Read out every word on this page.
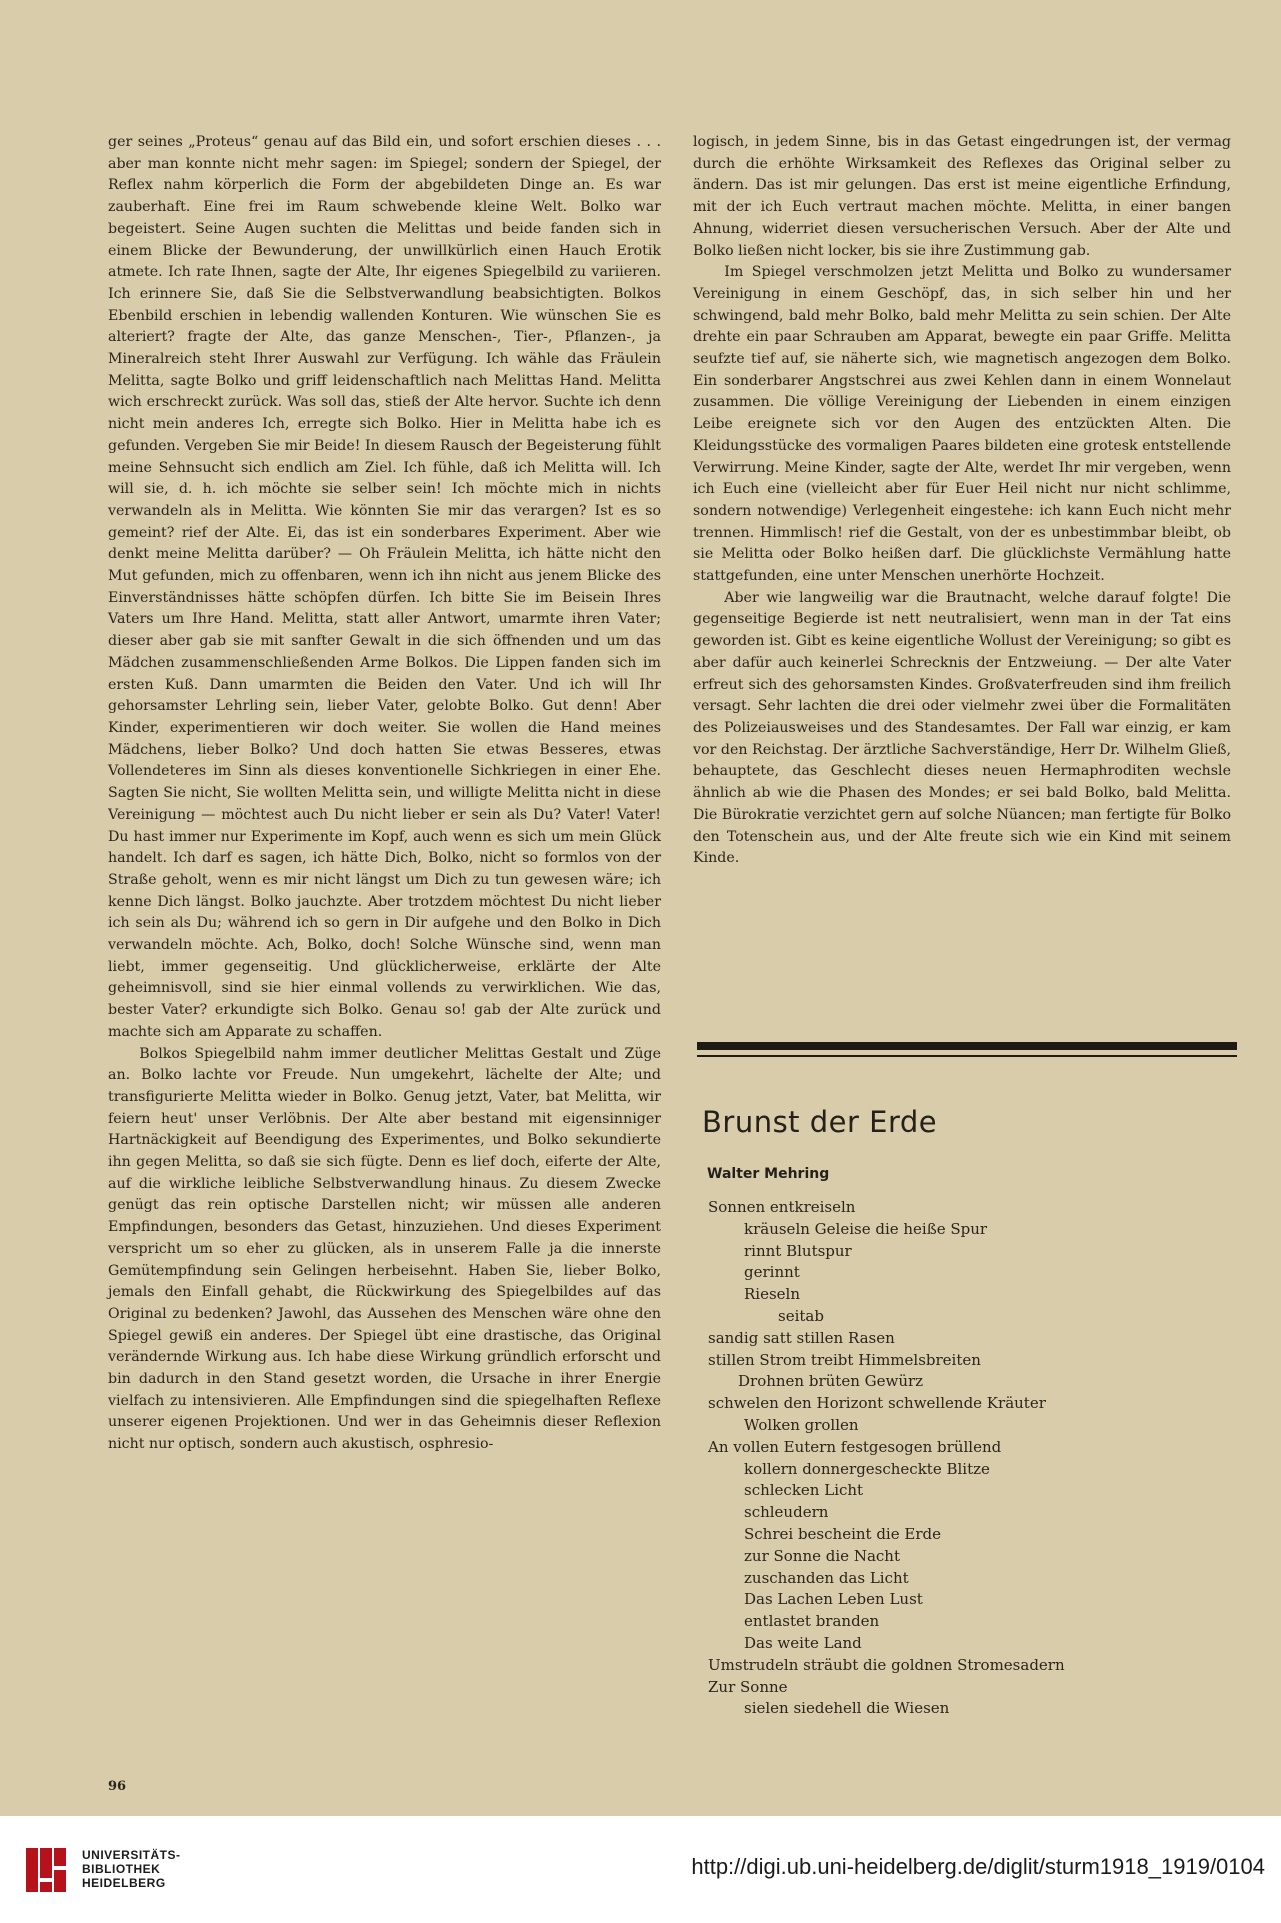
ger seines „Proteus“ genau auf das Bild ein, und sofort erschien dieses . . . aber man konnte nicht mehr sagen: im Spiegel; sondern der Spiegel, der Reflex nahm körperlich die Form der abgebildeten Dinge an. Es war zauberhaft. Eine frei im Raum schwebende kleine Welt. Bolko war begeistert. Seine Augen suchten die Melittas und beide fanden sich in einem Blicke der Bewunderung, der unwillkürlich einen Hauch Erotik atmete. Ich rate Ihnen, sagte der Alte, Ihr eigenes Spiegelbild zu variieren. Ich erinnere Sie, daß Sie die Selbstverwandlung beabsichtigten. Bolkos Ebenbild erschien in lebendig wallenden Konturen. Wie wünschen Sie es alteriert? fragte der Alte, das ganze Menschen-, Tier-, Pflanzen-, ja Mineralreich steht Ihrer Auswahl zur Verfügung. Ich wähle das Fräulein Melitta, sagte Bolko und griff leidenschaftlich nach Melittas Hand. Melitta wich erschreckt zurück. Was soll das, stieß der Alte hervor. Suchte ich denn nicht mein anderes Ich, erregte sich Bolko. Hier in Melitta habe ich es gefunden. Vergeben Sie mir Beide! In diesem Rausch der Begeisterung fühlt meine Sehnsucht sich endlich am Ziel. Ich fühle, daß ich Melitta will. Ich will sie, d. h. ich möchte sie selber sein! Ich möchte mich in nichts verwandeln als in Melitta. Wie könnten Sie mir das verargen? Ist es so gemeint? rief der Alte. Ei, das ist ein sonderbares Experiment. Aber wie denkt meine Melitta darüber? — Oh Fräulein Melitta, ich hätte nicht den Mut gefunden, mich zu offenbaren, wenn ich ihn nicht aus jenem Blicke des Einverständnisses hätte schöpfen dürfen. Ich bitte Sie im Beisein Ihres Vaters um Ihre Hand. Melitta, statt aller Antwort, umarmte ihren Vater; dieser aber gab sie mit sanfter Gewalt in die sich öffnenden und um das Mädchen zusammenschließenden Arme Bolkos. Die Lippen fanden sich im ersten Kuß. Dann umarmten die Beiden den Vater. Und ich will Ihr gehorsamster Lehrling sein, lieber Vater, gelobte Bolko. Gut denn! Aber Kinder, experimentieren wir doch weiter. Sie wollen die Hand meines Mädchens, lieber Bolko? Und doch hatten Sie etwas Besseres, etwas Vollendeteres im Sinn als dieses konventionelle Sichkriegen in einer Ehe. Sagten Sie nicht, Sie wollten Melitta sein, und willigte Melitta nicht in diese Vereinigung — möchtest auch Du nicht lieber er sein als Du? Vater! Vater! Du hast immer nur Experimente im Kopf, auch wenn es sich um mein Glück handelt. Ich darf es sagen, ich hätte Dich, Bolko, nicht so formlos von der Straße geholt, wenn es mir nicht längst um Dich zu tun gewesen wäre; ich kenne Dich längst. Bolko jauchzte. Aber trotzdem möchtest Du nicht lieber ich sein als Du; während ich so gern in Dir aufgehe und den Bolko in Dich verwandeln möchte. Ach, Bolko, doch! Solche Wünsche sind, wenn man liebt, immer gegenseitig. Und glücklicherweise, erklärte der Alte geheimnisvoll, sind sie hier einmal vollends zu verwirklichen. Wie das, bester Vater? erkundigte sich Bolko. Genau so! gab der Alte zurück und machte sich am Apparate zu schaffen.

Bolkos Spiegelbild nahm immer deutlicher Melittas Gestalt und Züge an. Bolko lachte vor Freude. Nun umgekehrt, lächelte der Alte; und transfigurierte Melitta wieder in Bolko. Genug jetzt, Vater, bat Melitta, wir feiern heut' unser Verlöbnis. Der Alte aber bestand mit eigensinniger Hartnäckigkeit auf Beendigung des Experimentes, und Bolko sekundierte ihn gegen Melitta, so daß sie sich fügte. Denn es lief doch, eiferte der Alte, auf die wirkliche leibliche Selbstverwandlung hinaus. Zu diesem Zwecke genügt das rein optische Darstellen nicht; wir müssen alle anderen Empfindungen, besonders das Getast, hinzuziehen. Und dieses Experiment verspricht um so eher zu glücken, als in unserem Falle ja die innerste Gemütempfindung sein Gelingen herbeisehnt. Haben Sie, lieber Bolko, jemals den Einfall gehabt, die Rückwirkung des Spiegelbildes auf das Original zu bedenken? Jawohl, das Aussehen des Menschen wäre ohne den Spiegel gewiß ein anderes. Der Spiegel übt eine drastische, das Original verändernde Wirkung aus. Ich habe diese Wirkung gründlich erforscht und bin dadurch in den Stand gesetzt worden, die Ursache in ihrer Energie vielfach zu intensivieren. Alle Empfindungen sind die spiegelhaften Reflexe unserer eigenen Projektionen. Und wer in das Geheimnis dieser Reflexion nicht nur optisch, sondern auch akustisch, osphresio-

logisch, in jedem Sinne, bis in das Getast eingedrungen ist, der vermag durch die erhöhte Wirksamkeit des Reflexes das Original selber zu ändern. Das ist mir gelungen. Das erst ist meine eigentliche Erfindung, mit der ich Euch vertraut machen möchte. Melitta, in einer bangen Ahnung, widerriet diesen versucherischen Versuch. Aber der Alte und Bolko ließen nicht locker, bis sie ihre Zustimmung gab.

Im Spiegel verschmolzen jetzt Melitta und Bolko zu wundersamer Vereinigung in einem Geschöpf, das, in sich selber hin und her schwingend, bald mehr Bolko, bald mehr Melitta zu sein schien. Der Alte drehte ein paar Schrauben am Apparat, bewegte ein paar Griffe. Melitta seufzte tief auf, sie näherte sich, wie magnetisch angezogen dem Bolko. Ein sonderbarer Angstschrei aus zwei Kehlen dann in einem Wonnelaut zusammen. Die völlige Vereinigung der Liebenden in einem einzigen Leibe ereignete sich vor den Augen des entzückten Alten. Die Kleidungsstücke des vormaligen Paares bildeten eine grotesk entstellende Verwirrung. Meine Kinder, sagte der Alte, werdet Ihr mir vergeben, wenn ich Euch eine (vielleicht aber für Euer Heil nicht nur nicht schlimme, sondern notwendige) Verlegenheit eingestehe: ich kann Euch nicht mehr trennen. Himmlisch! rief die Gestalt, von der es unbestimmbar bleibt, ob sie Melitta oder Bolko heißen darf. Die glücklichste Vermählung hatte stattgefunden, eine unter Menschen unerhörte Hochzeit.

Aber wie langweilig war die Brautnacht, welche darauf folgte! Die gegenseitige Begierde ist nett neutralisiert, wenn man in der Tat eins geworden ist. Gibt es keine eigentliche Wollust der Vereinigung; so gibt es aber dafür auch keinerlei Schrecknis der Entzweiung. — Der alte Vater erfreut sich des gehorsamsten Kindes. Großvaterfreuden sind ihm freilich versagt. Sehr lachten die drei oder vielmehr zwei über die Formalitäten des Polizeiausweises und des Standesamtes. Der Fall war einzig, er kam vor den Reichstag. Der ärztliche Sachverständige, Herr Dr. Wilhelm Gließ, behauptete, das Geschlecht dieses neuen Hermaphroditen wechsle ähnlich ab wie die Phasen des Mondes; er sei bald Bolko, bald Melitta. Die Bürokratie verzichtet gern auf solche Nüancen; man fertigte für Bolko den Totenschein aus, und der Alte freute sich wie ein Kind mit seinem Kinde.

Brunst der Erde
Walter Mehring
Sonnen entkreiseln
kräuseln Geleise die heiße Spur
rinnt Blutspur
gerinnt
Rieseln
seitab
sandig satt stillen Rasen
stillen Strom treibt Himmelsbreiten
Drohnen brüten Gewürz
schwelen den Horizont schwellende Kräuter
Wolken grollen
An vollen Eutern festgesogen brüllend
kollern donnergescheckte Blitze
schlecken Licht
schleudern
Schrei bescheint die Erde
zur Sonne die Nacht
zuschanden das Licht
Das Lachen Leben Lust
entlastet branden
Das weite Land
Umstrudeln sträubt die goldnen Stromesadern
Zur Sonne
sielen siedehell die Wiesen
96
UNIVERSITÄTS-
BIBLIOTHEK
HEIDELBERG
http://digi.ub.uni-heidelberg.de/diglit/sturm1918_1919/0104
